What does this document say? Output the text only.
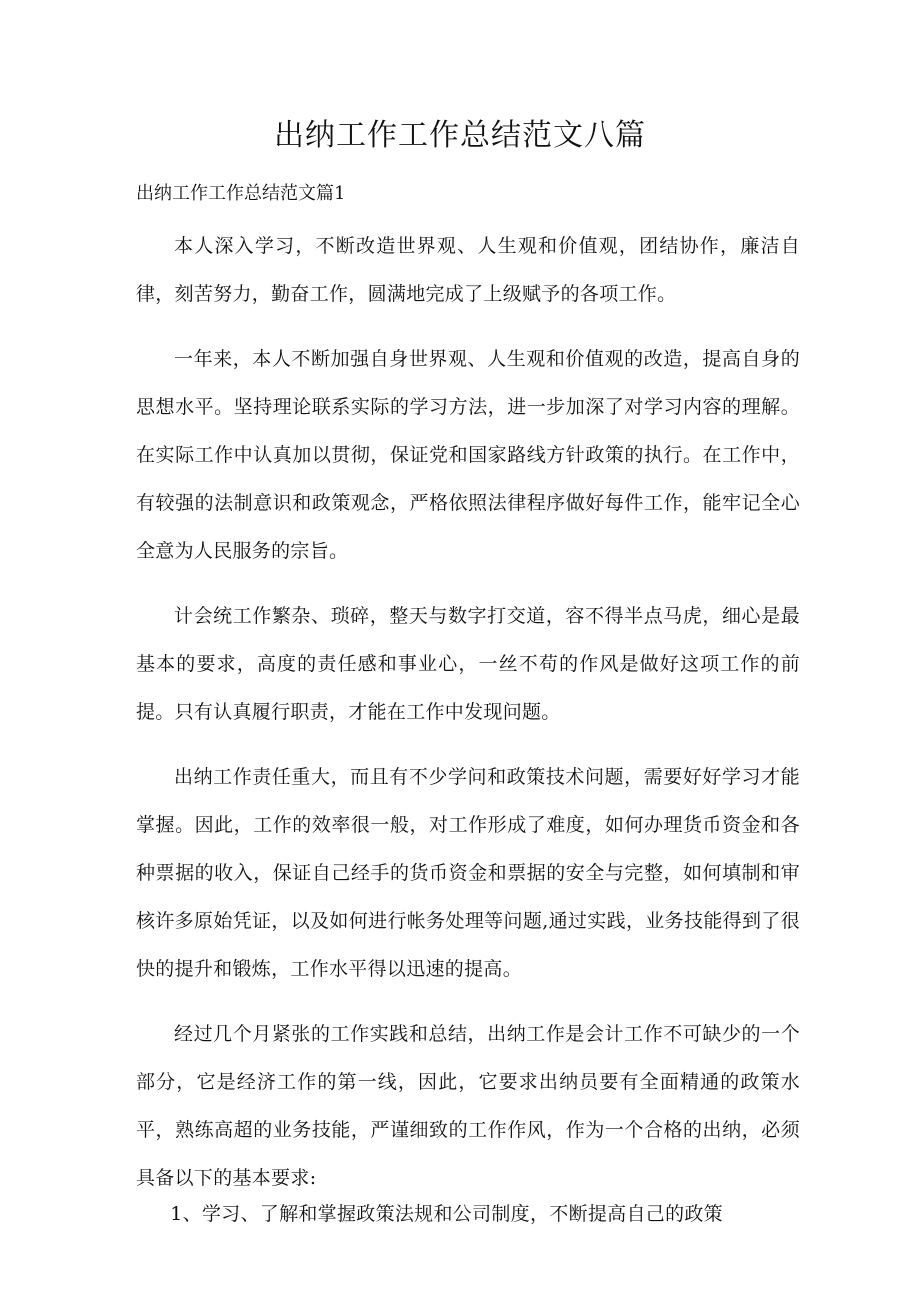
出纳工作工作总结范文八篇
出纳工作工作总结范文篇1

本人深入学习，不断改造世界观、人生观和价值观，团结协作，廉洁自律，刻苦努力，勤奋工作，圆满地完成了上级赋予的各项工作。

一年来，本人不断加强自身世界观、人生观和价值观的改造，提高自身的思想水平。坚持理论联系实际的学习方法，进一步加深了对学习内容的理解。在实际工作中认真加以贯彻，保证党和国家路线方针政策的执行。在工作中，有较强的法制意识和政策观念，严格依照法律程序做好每件工作，能牢记全心全意为人民服务的宗旨。

计会统工作繁杂、琐碎，整天与数字打交道，容不得半点马虎，细心是最基本的要求，高度的责任感和事业心，一丝不苟的作风是做好这项工作的前提。只有认真履行职责，才能在工作中发现问题。

出纳工作责任重大，而且有不少学问和政策技术问题，需要好好学习才能掌握。因此，工作的效率很一般，对工作形成了难度，如何办理货币资金和各种票据的收入，保证自己经手的货币资金和票据的安全与完整，如何填制和审核许多原始凭证，以及如何进行帐务处理等问题,通过实践，业务技能得到了很快的提升和锻炼，工作水平得以迅速的提高。

经过几个月紧张的工作实践和总结，出纳工作是会计工作不可缺少的一个部分，它是经济工作的第一线，因此，它要求出纳员要有全面精通的政策水平，熟练高超的业务技能，严谨细致的工作作风，作为一个合格的出纳，必须具备以下的基本要求:

1、学习、了解和掌握政策法规和公司制度，不断提高自己的政策
